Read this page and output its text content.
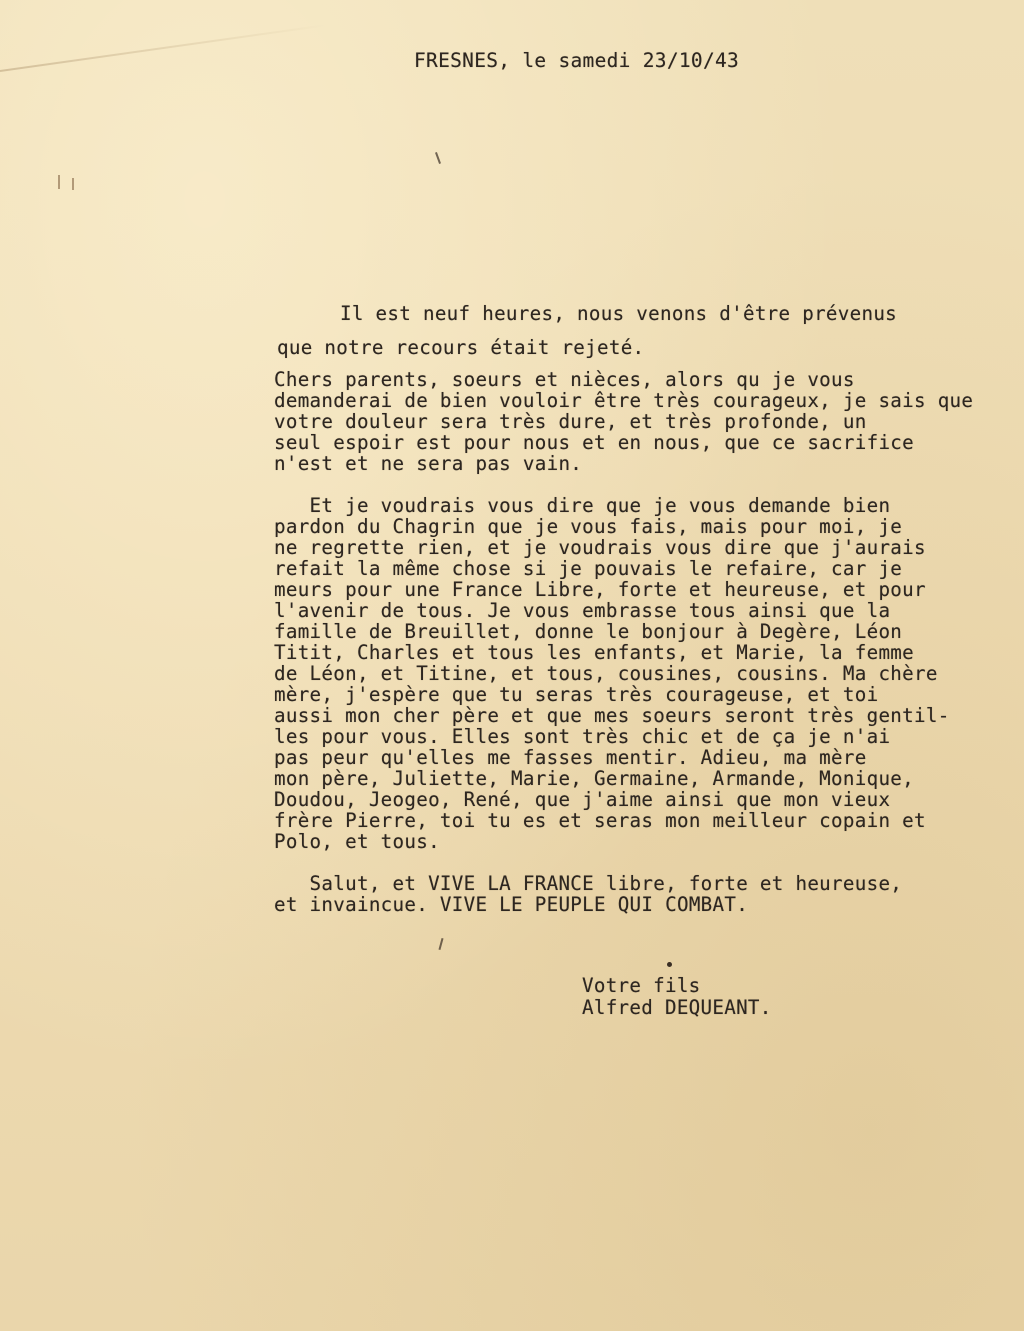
FRESNES, le samedi 23/10/43
Il est neuf heures, nous venons d'être prévenus
que notre recours était rejeté.
Chers parents, soeurs et nièces, alors qu je vous
demanderai de bien vouloir être très courageux, je sais que
votre douleur sera très dure, et très profonde, un
seul espoir est pour nous et en nous, que ce sacrifice
n'est et ne sera pas vain.
Et je voudrais vous dire que je vous demande bien
pardon du Chagrin que je vous fais, mais pour moi, je
ne regrette rien, et je voudrais vous dire que j'aurais
refait la même chose si je pouvais le refaire, car je
meurs pour une France Libre, forte et heureuse, et pour
l'avenir de tous. Je vous embrasse tous ainsi que la
famille de Breuillet, donne le bonjour à Degère, Léon
Titit, Charles et tous les enfants, et Marie, la femme
de Léon, et Titine, et tous, cousines, cousins. Ma chère
mère, j'espère que tu seras très courageuse, et toi
aussi mon cher père et que mes soeurs seront très gentil-
les pour vous. Elles sont très chic et de ça je n'ai
pas peur qu'elles me fasses mentir. Adieu, ma mère
mon père, Juliette, Marie, Germaine, Armande, Monique,
Doudou, Jeogeo, René, que j'aime ainsi que mon vieux
frère Pierre, toi tu es et seras mon meilleur copain et
Polo, et tous.
Salut, et VIVE LA FRANCE libre, forte et heureuse,
et invaincue. VIVE LE PEUPLE QUI COMBAT.
Votre fils
Alfred DEQUEANT.
